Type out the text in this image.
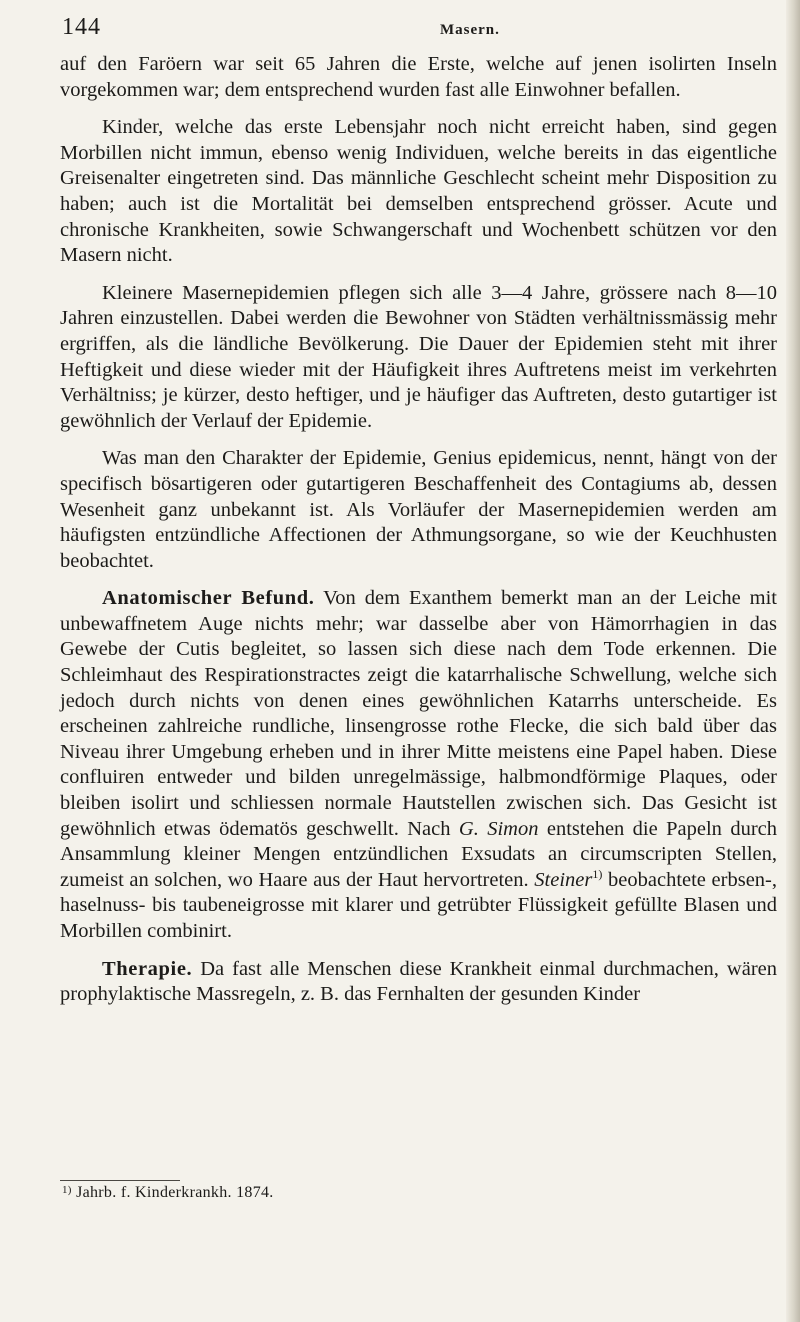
144	Masern.

auf den Faröern war seit 65 Jahren die Erste, welche auf jenen isolirten Inseln vorgekommen war; dem entsprechend wurden fast alle Einwohner befallen.

Kinder, welche das erste Lebensjahr noch nicht erreicht haben, sind gegen Morbillen nicht immun, ebenso wenig Individuen, welche bereits in das eigentliche Greisenalter eingetreten sind. Das männliche Geschlecht scheint mehr Disposition zu haben; auch ist die Mortalität bei demselben entsprechend grösser. Acute und chronische Krankheiten, sowie Schwangerschaft und Wochenbett schützen vor den Masern nicht.

Kleinere Masernepidemien pflegen sich alle 3—4 Jahre, grössere nach 8—10 Jahren einzustellen. Dabei werden die Bewohner von Städten verhältnissmässig mehr ergriffen, als die ländliche Bevölkerung. Die Dauer der Epidemien steht mit ihrer Heftigkeit und diese wieder mit der Häufigkeit ihres Auftretens meist im verkehrten Verhältniss; je kürzer, desto heftiger, und je häufiger das Auftreten, desto gutartiger ist gewöhnlich der Verlauf der Epidemie.

Was man den Charakter der Epidemie, Genius epidemicus, nennt, hängt von der specifisch bösartigeren oder gutartigeren Beschaffenheit des Contagiums ab, dessen Wesenheit ganz unbekannt ist. Als Vorläufer der Masernepidemien werden am häufigsten entzündliche Affectionen der Athmungsorgane, so wie der Keuchhusten beobachtet.

Anatomischer Befund. Von dem Exanthem bemerkt man an der Leiche mit unbewaffnetem Auge nichts mehr; war dasselbe aber von Hämorrhagien in das Gewebe der Cutis begleitet, so lassen sich diese nach dem Tode erkennen. Die Schleimhaut des Respirationstractes zeigt die katarrhalische Schwellung, welche sich jedoch durch nichts von denen eines gewöhnlichen Katarrhs unterscheide. Es erscheinen zahlreiche rundliche, linsengrosse rothe Flecke, die sich bald über das Niveau ihrer Umgebung erheben und in ihrer Mitte meistens eine Papel haben. Diese confluiren entweder und bilden unregelmässige, halbmondförmige Plaques, oder bleiben isolirt und schliessen normale Hautstellen zwischen sich. Das Gesicht ist gewöhnlich etwas ödematös geschwellt. Nach G. Simon entstehen die Papeln durch Ansammlung kleiner Mengen entzündlichen Exsudats an circumscripten Stellen, zumeist an solchen, wo Haare aus der Haut hervortreten. Steiner$^{1)}$ beobachtete erbsen-, haselnuss- bis taubeneigrosse mit klarer und getrübter Flüssigkeit gefüllte Blasen und Morbillen combinirt.

Therapie. Da fast alle Menschen diese Krankheit einmal durchmachen, wären prophylaktische Massregeln, z. B. das Fernhalten der gesunden Kinder

$^{1)}$ Jahrb. f. Kinderkrankh. 1874.
